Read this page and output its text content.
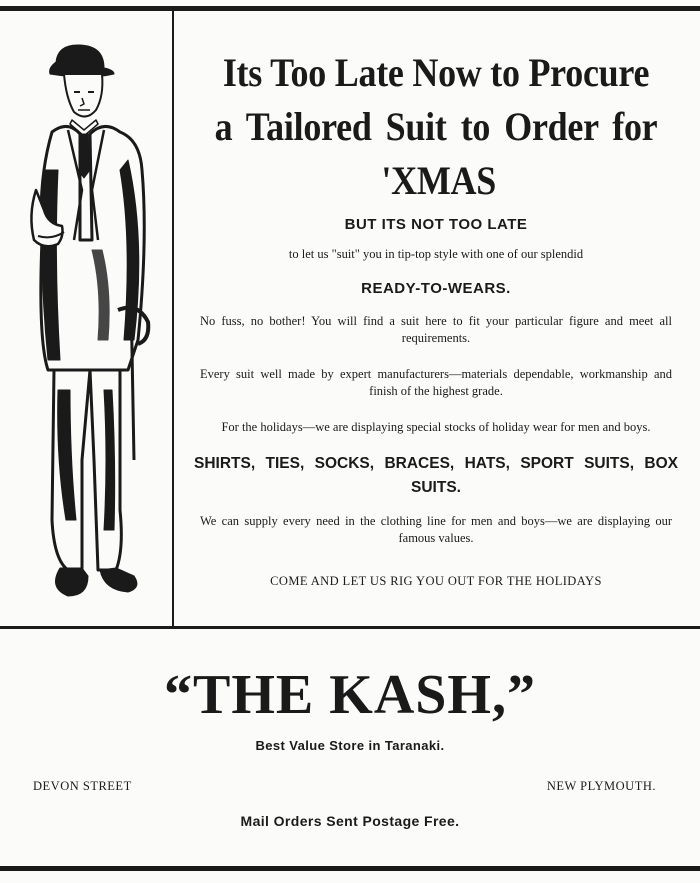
Its Too Late Now to Procure
a Tailored Suit to Order for
'XMAS
BUT ITS NOT TOO LATE
to let us "suit" you in tip-top style with one of our splendid
READY-TO-WEARS.
No fuss, no bother! You will find a suit here to fit your particular figure and meet all requirements.
Every suit well made by expert manufacturers—materials dependable, workmanship and finish of the highest grade.
For the holidays—we are displaying special stocks of holiday wear for men and boys.
SHIRTS, TIES, SOCKS, BRACES, HATS, SPORT SUITS, BOX SUITS.
We can supply every need in the clothing line for men and boys—we are displaying our famous values.
COME AND LET US RIG YOU OUT FOR THE HOLIDAYS
“THE KASH,”
Best Value Store in Taranaki.
DEVON STREET	NEW PLYMOUTH.
Mail Orders Sent Postage Free.
